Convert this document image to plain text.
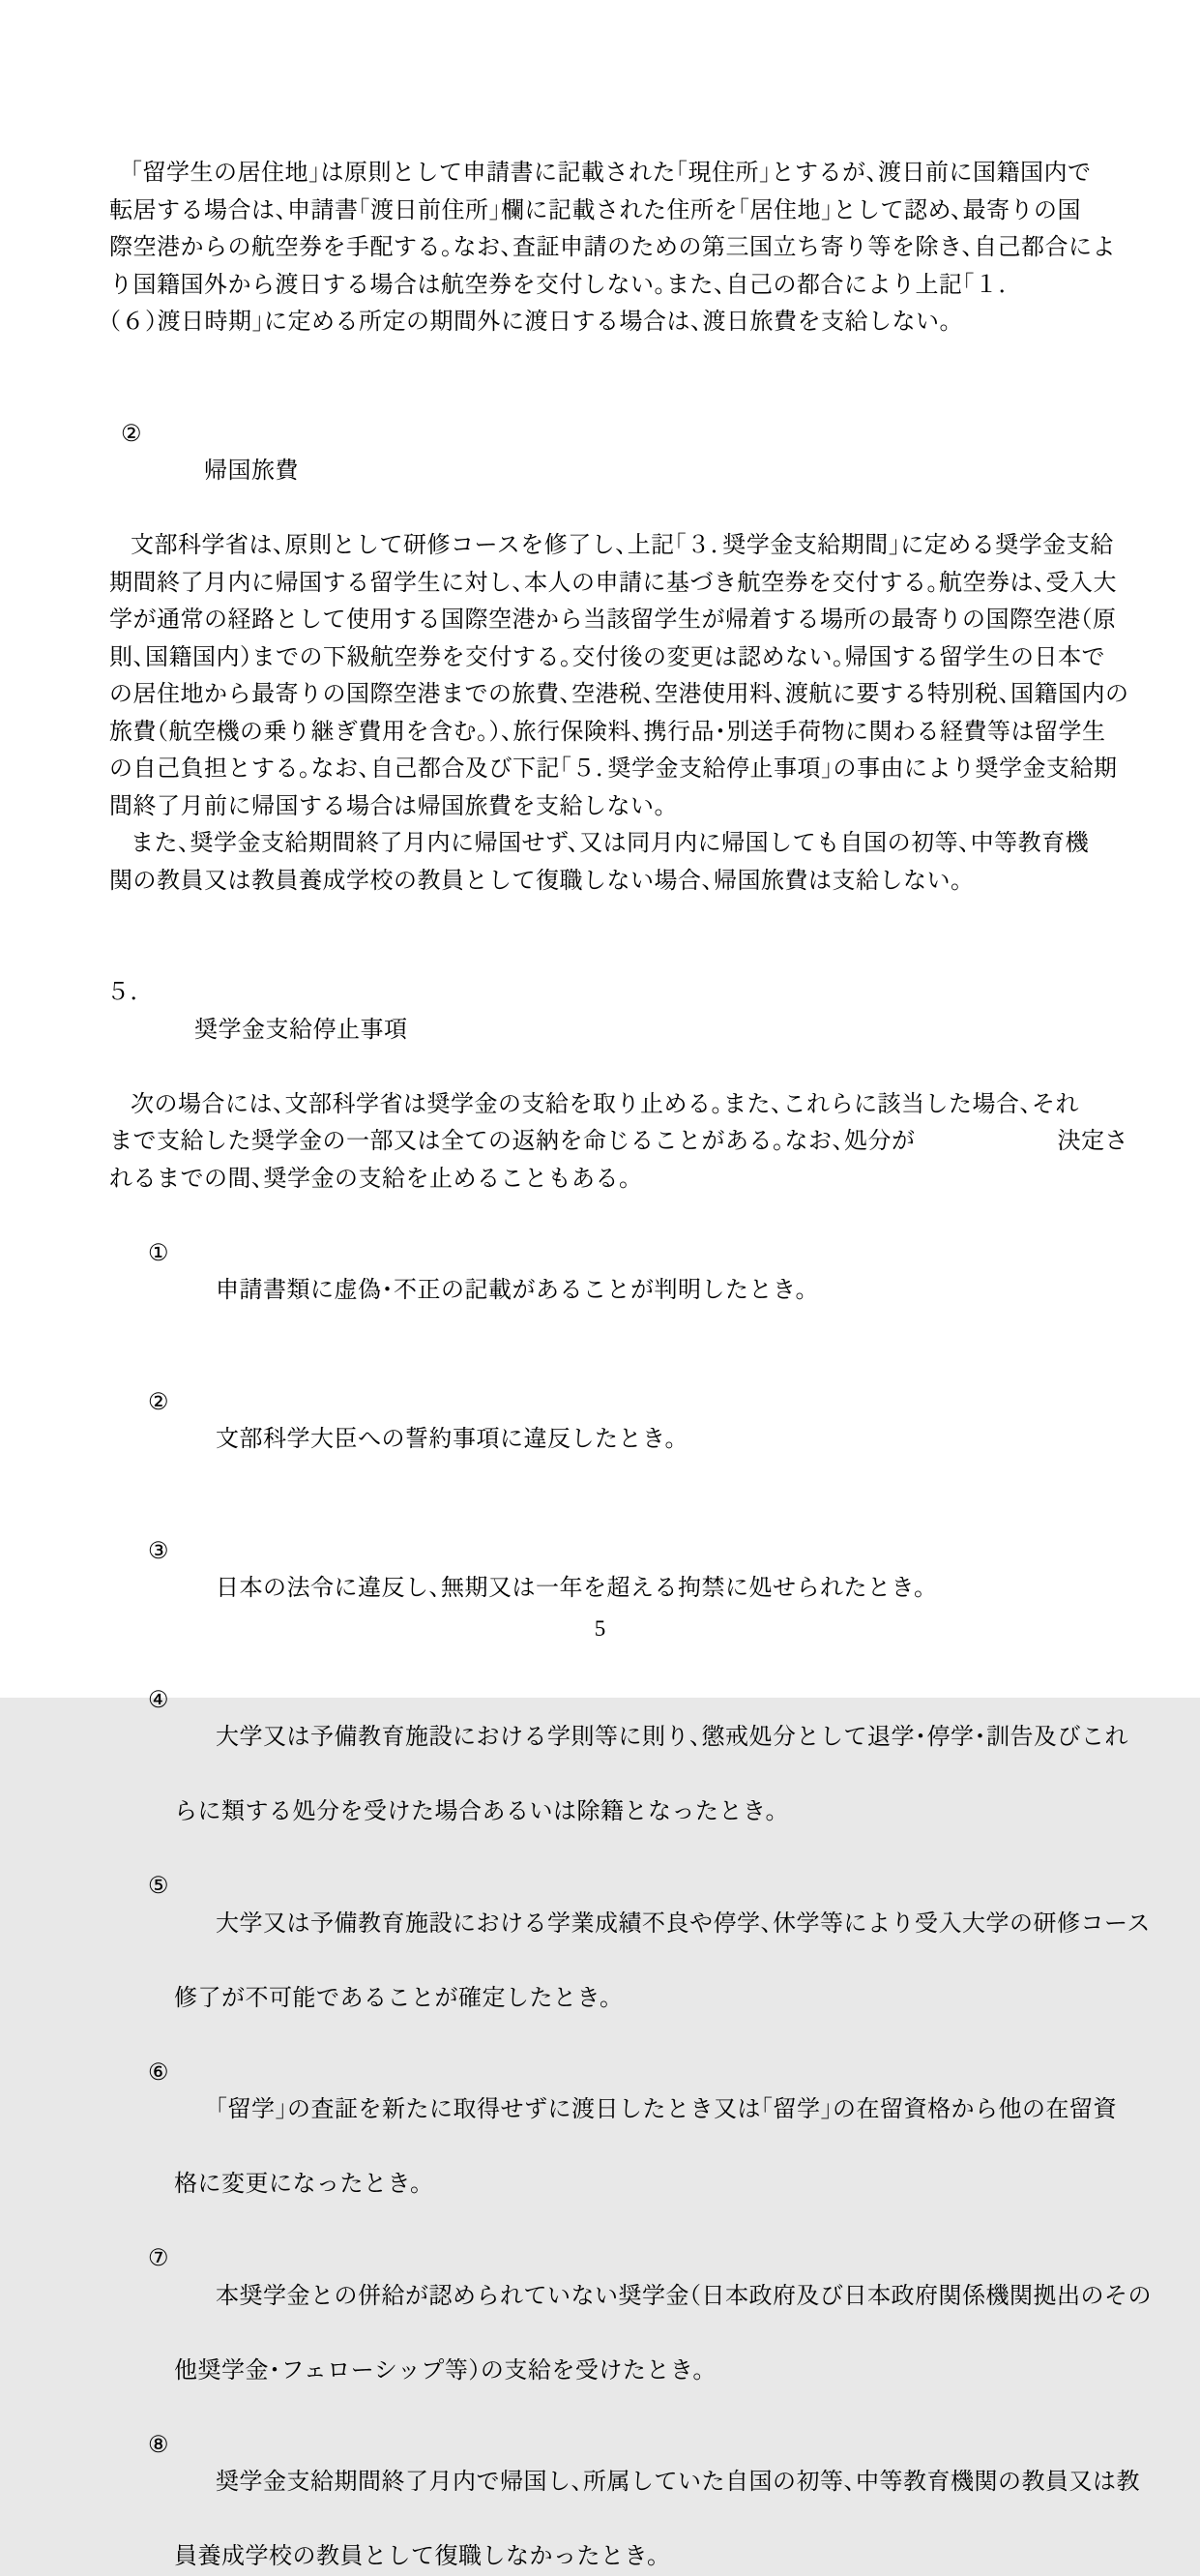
「留学生の居住地」は原則として申請書に記載された「現住所」とするが、渡日前に国籍国内で

転居する場合は、申請書「渡日前住所」欄に記載された住所を「居住地」として認め、最寄りの国

際空港からの航空券を手配する。なお、査証申請のための第三国立ち寄り等を除き、自己都合によ

り国籍国外から渡日する場合は航空券を交付しない。また、自己の都合により上記「１．

（６）渡日時期」に定める所定の期間外に渡日する場合は、渡日旅費を支給しない。

②

帰国旅費

文部科学省は、原則として研修コースを修了し、上記「３．奨学金支給期間」に定める奨学金支給

期間終了月内に帰国する留学生に対し、本人の申請に基づき航空券を交付する。航空券は、受入大

学が通常の経路として使用する国際空港から当該留学生が帰着する場所の最寄りの国際空港（原

則、国籍国内）までの下級航空券を交付する。交付後の変更は認めない。帰国する留学生の日本で

の居住地から最寄りの国際空港までの旅費、空港税、空港使用料、渡航に要する特別税、国籍国内の

旅費（航空機の乗り継ぎ費用を含む。）、旅行保険料、携行品・別送手荷物に関わる経費等は留学生

の自己負担とする。なお、自己都合及び下記「５．奨学金支給停止事項」の事由により奨学金支給期

間終了月前に帰国する場合は帰国旅費を支給しない。

また、奨学金支給期間終了月内に帰国せず、又は同月内に帰国しても自国の初等、中等教育機

関の教員又は教員養成学校の教員として復職しない場合、帰国旅費は支給しない。

５．

奨学金支給停止事項

次の場合には、文部科学省は奨学金の支給を取り止める。また、これらに該当した場合、それ

まで支給した奨学金の一部又は全ての返納を命じることがある。なお、処分が　　　　　　決定さ

れるまでの間、奨学金の支給を止めることもある。

①

申請書類に虚偽・不正の記載があることが判明したとき。

②

文部科学大臣への誓約事項に違反したとき。

③

日本の法令に違反し、無期又は一年を超える拘禁に処せられたとき。

④

大学又は予備教育施設における学則等に則り、懲戒処分として退学・停学・訓告及びこれ

らに類する処分を受けた場合あるいは除籍となったとき。

⑤

大学又は予備教育施設における学業成績不良や停学、休学等により受入大学の研修コース

修了が不可能であることが確定したとき。

⑥

「留学」の査証を新たに取得せずに渡日したとき又は「留学」の在留資格から他の在留資

格に変更になったとき。

⑦

本奨学金との併給が認められていない奨学金（日本政府及び日本政府関係機関拠出のその

他奨学金・フェローシップ等）の支給を受けたとき。

⑧

奨学金支給期間終了月内で帰国し、所属していた自国の初等、中等教育機関の教員又は教

員養成学校の教員として復職しなかったとき。

5
